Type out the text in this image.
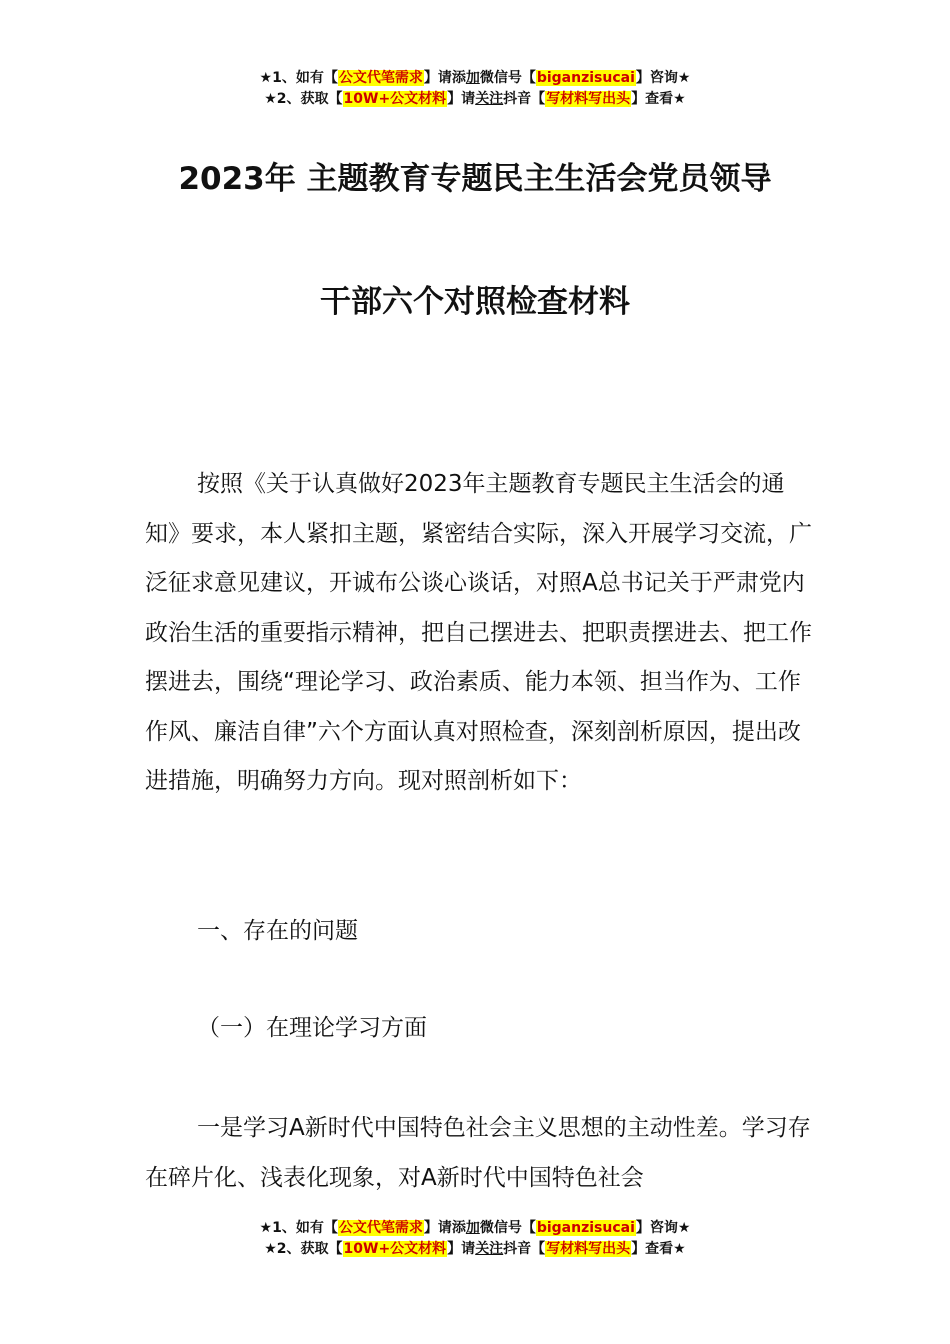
★1、如有【公文代笔需求】请添加微信号【biganzisucai】咨询★
★2、获取【10W+公文材料】请关注抖音【写材料写出头】查看★
2023年 主题教育专题民主生活会党员领导
干部六个对照检查材料
按照《关于认真做好2023年主题教育专题民主生活会的通知》要求，本人紧扣主题，紧密结合实际，深入开展学习交流，广泛征求意见建议，开诚布公谈心谈话，对照A总书记关于严肃党内政治生活的重要指示精神，把自己摆进去、把职责摆进去、把工作摆进去，围绕“理论学习、政治素质、能力本领、担当作为、工作作风、廉洁自律”六个方面认真对照检查，深刻剖析原因，提出改进措施，明确努力方向。现对照剖析如下：
一、存在的问题
（一）在理论学习方面
一是学习A新时代中国特色社会主义思想的主动性差。学习存在碎片化、浅表化现象，对A新时代中国特色社会
★1、如有【公文代笔需求】请添加微信号【biganzisucai】咨询★
★2、获取【10W+公文材料】请关注抖音【写材料写出头】查看★
